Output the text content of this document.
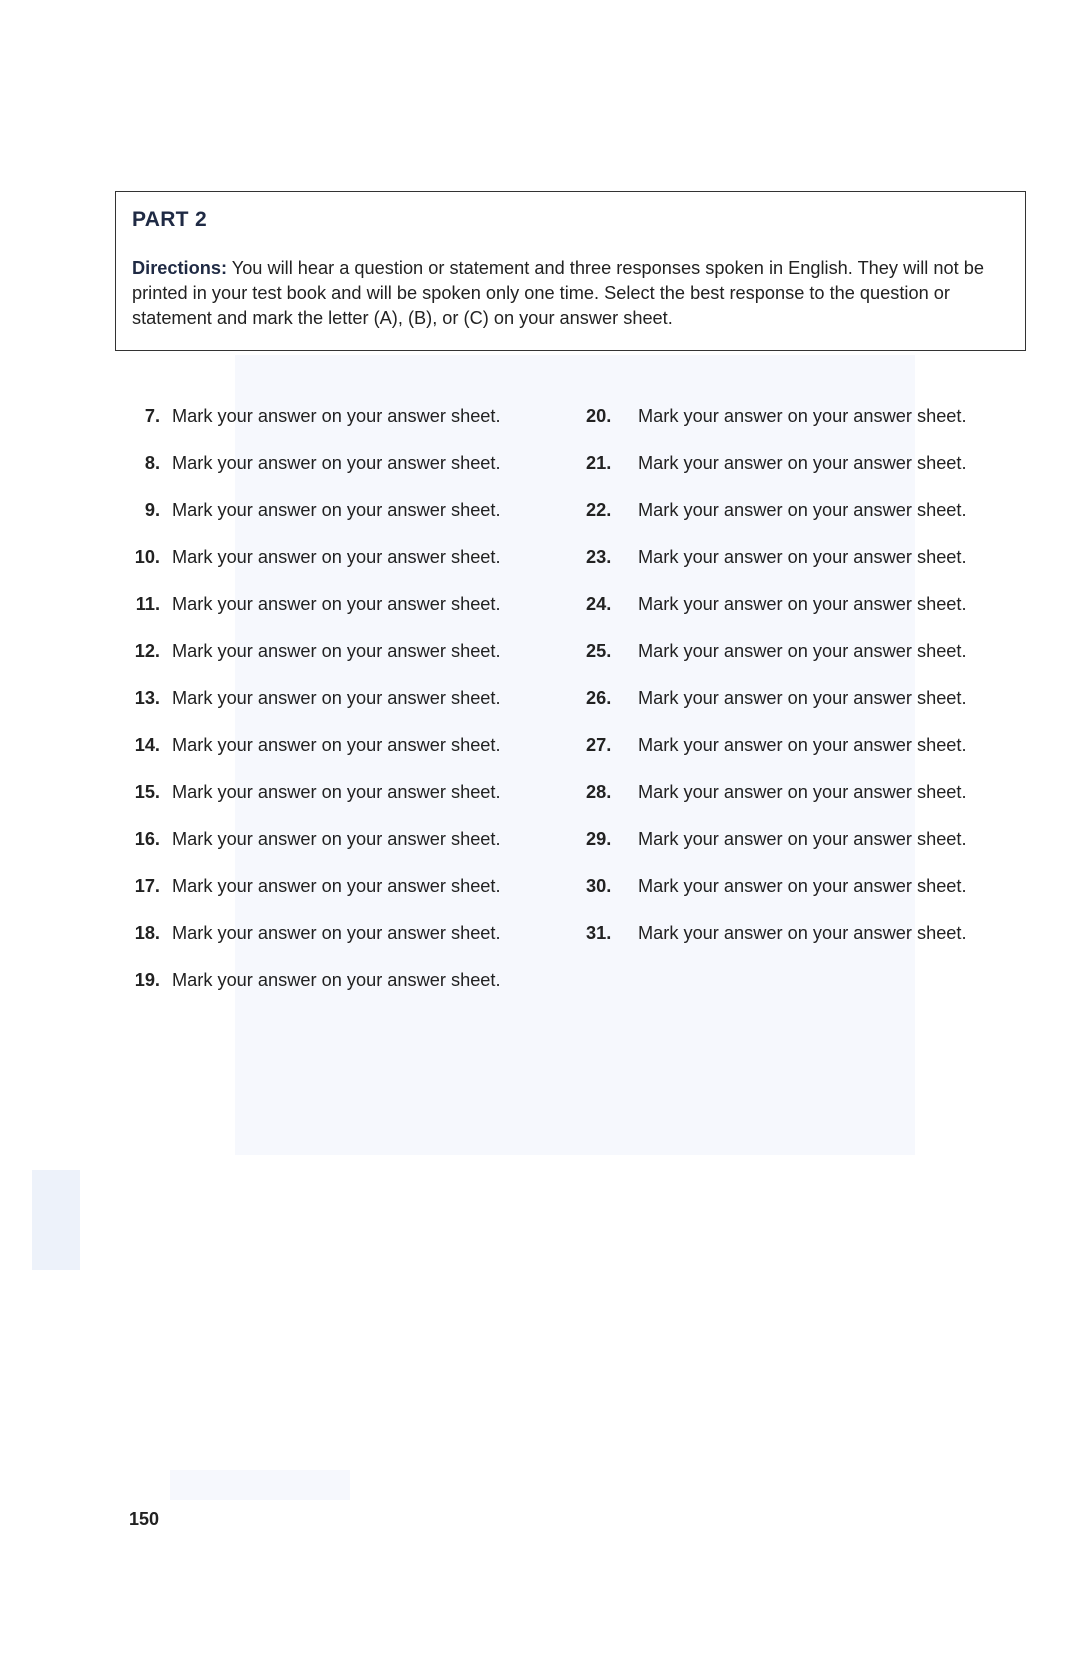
PART 2

Directions: You will hear a question or statement and three responses spoken in English. They will not be printed in your test book and will be spoken only one time. Select the best response to the question or statement and mark the letter (A), (B), or (C) on your answer sheet.

7. Mark your answer on your answer sheet.
8. Mark your answer on your answer sheet.
9. Mark your answer on your answer sheet.
10. Mark your answer on your answer sheet.
11. Mark your answer on your answer sheet.
12. Mark your answer on your answer sheet.
13. Mark your answer on your answer sheet.
14. Mark your answer on your answer sheet.
15. Mark your answer on your answer sheet.
16. Mark your answer on your answer sheet.
17. Mark your answer on your answer sheet.
18. Mark your answer on your answer sheet.
19. Mark your answer on your answer sheet.
20.	Mark your answer on your answer sheet.
21.	Mark your answer on your answer sheet.
22.	Mark your answer on your answer sheet.
23.	Mark your answer on your answer sheet.
24.	Mark your answer on your answer sheet.
25.	Mark your answer on your answer sheet.
26.	Mark your answer on your answer sheet.
27.	Mark your answer on your answer sheet.
28.	Mark your answer on your answer sheet.
29.	Mark your answer on your answer sheet.
30.	Mark your answer on your answer sheet.
31.	Mark your answer on your answer sheet.
150
